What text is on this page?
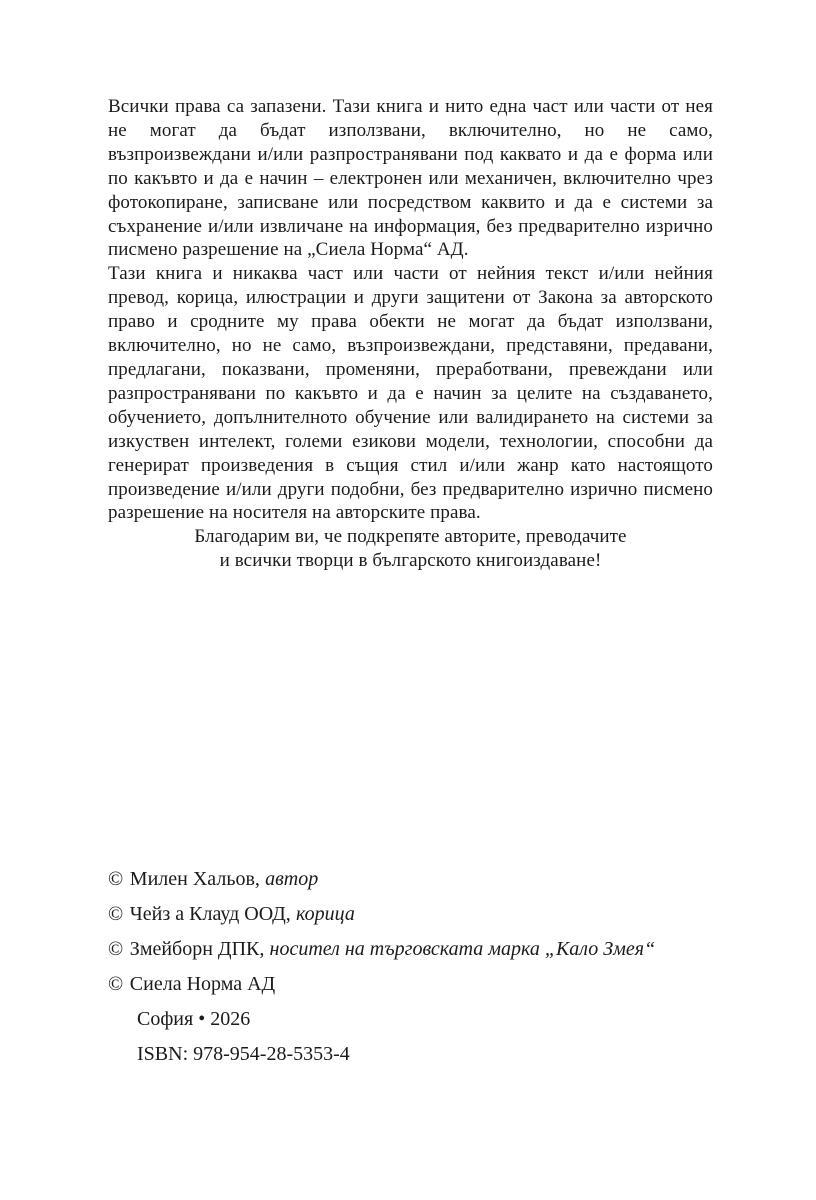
Всички права са запазени. Тази книга и нито една част или части от нея не могат да бъдат използвани, включително, но не само, възпроизвеждани и/или разпространявани под каквато и да е форма или по какъвто и да е начин – електронен или механичен, включително чрез фотокопиране, записване или посредством каквито и да е системи за съхранение и/или извличане на информация, без предварително изрично писмено разрешение на „Сиела Норма“ АД.

Тази книга и никаква част или части от нейния текст и/или нейния превод, корица, илюстрации и други защитени от Закона за авторското право и сродните му права обекти не могат да бъдат използвани, включително, но не само, възпроизвеждани, представяни, предавани, предлагани, показвани, променяни, преработвани, превеждани или разпространявани по какъвто и да е начин за целите на създаването, обучението, допълнителното обучение или валидирането на системи за изкуствен интелект, големи езикови модели, технологии, способни да генерират произведения в същия стил и/или жанр като настоящото произведение и/или други подобни, без предварително изрично писмено разрешение на носителя на авторските права.

Благодарим ви, че подкрепяте авторите, преводачите

и всички творци в българското книгоиздаване!

© Милен Хальов, автор
© Чейз а Клауд ООД, корица
© Змейборн ДПК, носител на търговската марка „Кало Змея“
© Сиела Норма АД
София • 2026
ISBN: 978-954-28-5353-4
